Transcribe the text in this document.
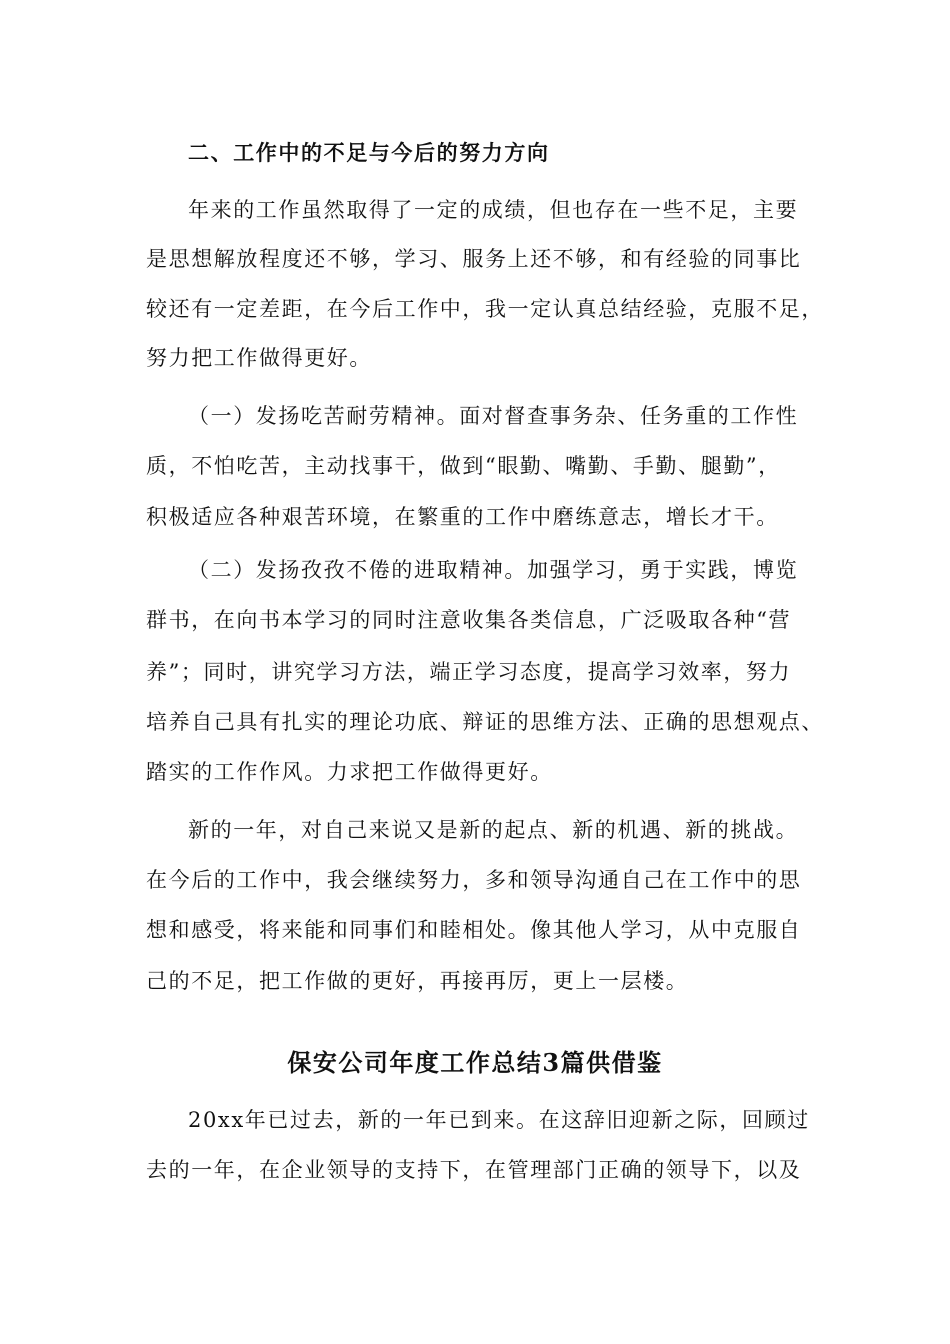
二、工作中的不足与今后的努力方向
年来的工作虽然取得了一定的成绩，但也存在一些不足，主要
是思想解放程度还不够，学习、服务上还不够，和有经验的同事比
较还有一定差距，在今后工作中，我一定认真总结经验，克服不足，
努力把工作做得更好。
（一）发扬吃苦耐劳精神。面对督查事务杂、任务重的工作性
质，不怕吃苦，主动找事干，做到“眼勤、嘴勤、手勤、腿勤”，
积极适应各种艰苦环境，在繁重的工作中磨练意志，增长才干。
（二）发扬孜孜不倦的进取精神。加强学习，勇于实践，博览
群书，在向书本学习的同时注意收集各类信息，广泛吸取各种“营
养”；同时，讲究学习方法，端正学习态度，提高学习效率，努力
培养自己具有扎实的理论功底、辩证的思维方法、正确的思想观点、
踏实的工作作风。力求把工作做得更好。
新的一年，对自己来说又是新的起点、新的机遇、新的挑战。
在今后的工作中，我会继续努力，多和领导沟通自己在工作中的思
想和感受，将来能和同事们和睦相处。像其他人学习，从中克服自
己的不足，把工作做的更好，再接再厉，更上一层楼。
保安公司年度工作总结3篇供借鉴
20xx年已过去，新的一年已到来。在这辞旧迎新之际，回顾过
去的一年，在企业领导的支持下，在管理部门正确的领导下，以及
